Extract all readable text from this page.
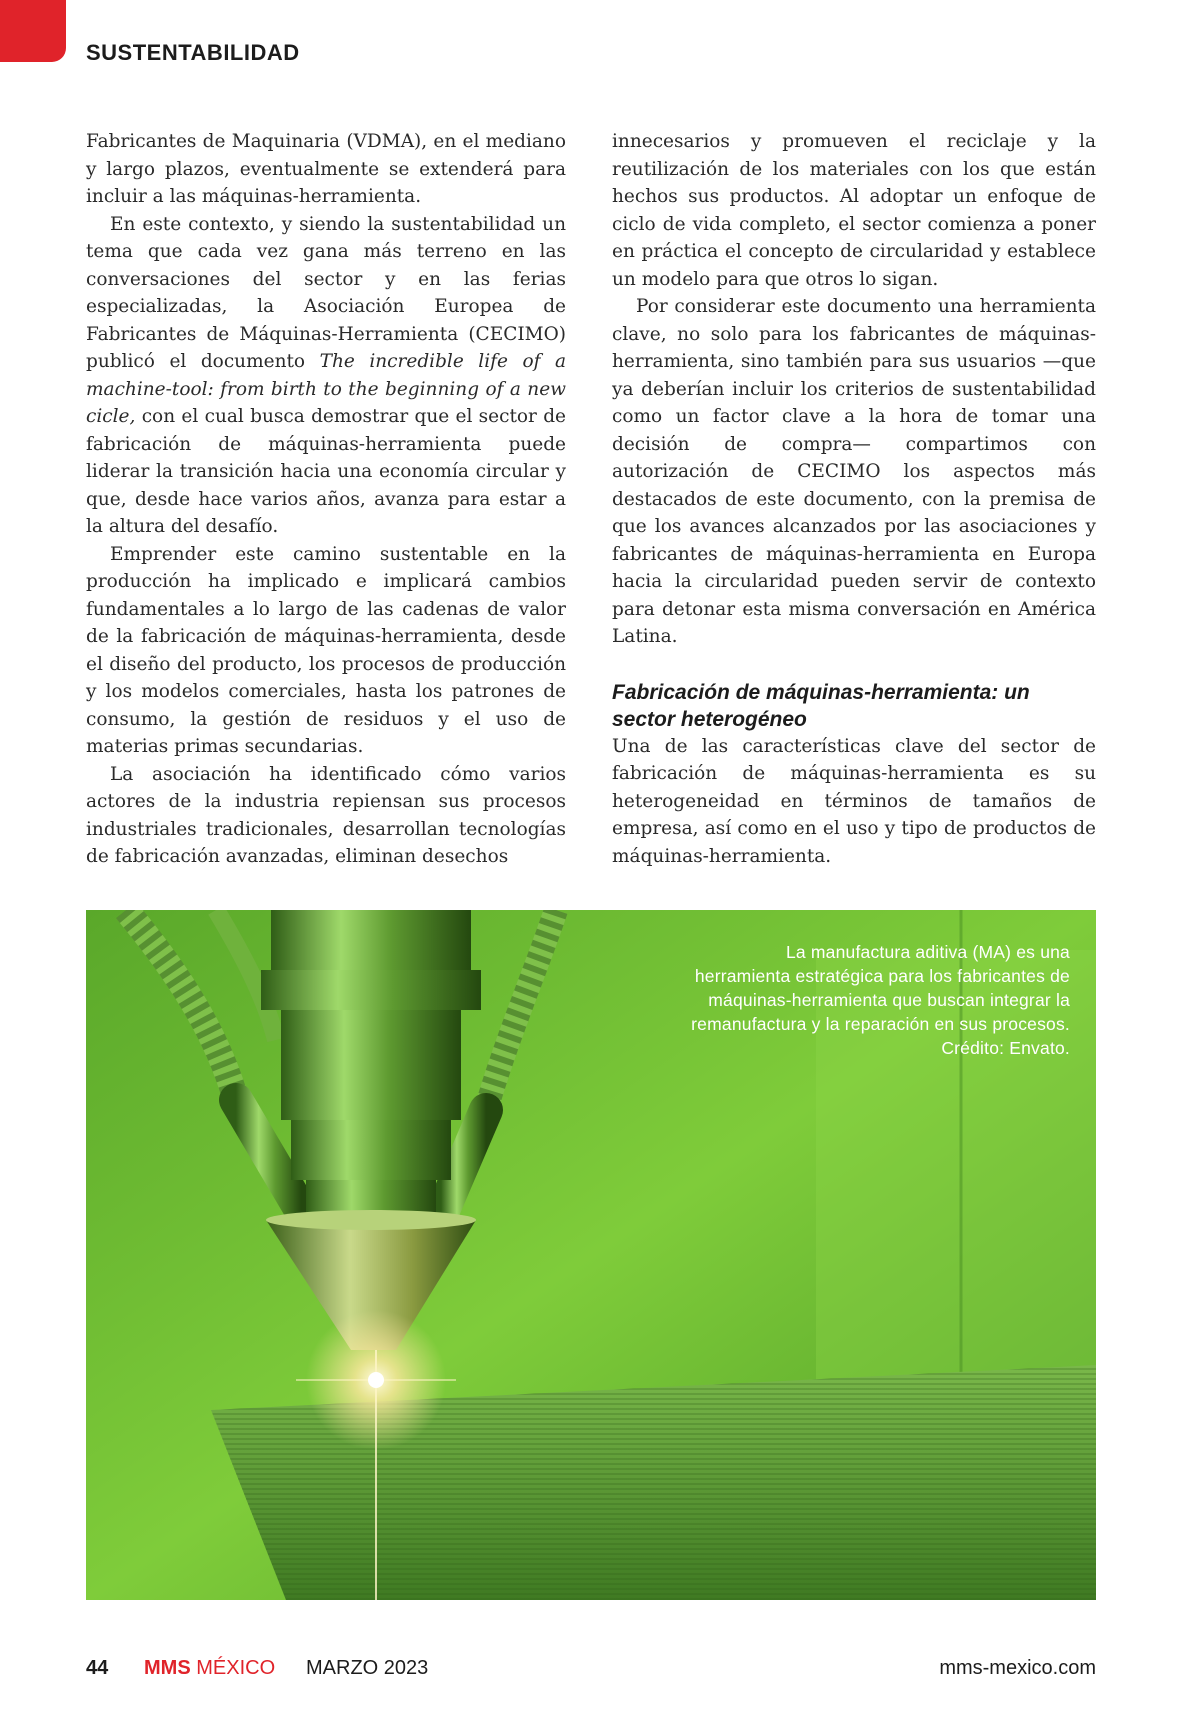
SUSTENTABILIDAD

Fabricantes de Maquinaria (VDMA), en el mediano y largo plazos, eventualmente se extenderá para incluir a las máquinas-herramienta.

En este contexto, y siendo la sustentabilidad un tema que cada vez gana más terreno en las conversaciones del sector y en las ferias especializadas, la Asociación Europea de Fabricantes de Máquinas-Herramienta (CECIMO) publicó el documento The incredible life of a machine-tool: from birth to the beginning of a new cicle, con el cual busca demostrar que el sector de fabricación de máquinas-herramienta puede liderar la transición hacia una economía circular y que, desde hace varios años, avanza para estar a la altura del desafío.

Emprender este camino sustentable en la producción ha implicado e implicará cambios fundamentales a lo largo de las cadenas de valor de la fabricación de máquinas-herramienta, desde el diseño del producto, los procesos de producción y los modelos comerciales, hasta los patrones de consumo, la gestión de residuos y el uso de materias primas secundarias.

La asociación ha identificado cómo varios actores de la industria repiensan sus procesos industriales tradicionales, desarrollan tecnologías de fabricación avanzadas, eliminan desechos

innecesarios y promueven el reciclaje y la reutilización de los materiales con los que están hechos sus productos. Al adoptar un enfoque de ciclo de vida completo, el sector comienza a poner en práctica el concepto de circularidad y establece un modelo para que otros lo sigan.

Por considerar este documento una herramienta clave, no solo para los fabricantes de máquinas-herramienta, sino también para sus usuarios —que ya deberían incluir los criterios de sustentabilidad como un factor clave a la hora de tomar una decisión de compra— compartimos con autorización de CECIMO los aspectos más destacados de este documento, con la premisa de que los avances alcanzados por las asociaciones y fabricantes de máquinas-herramienta en Europa hacia la circularidad pueden servir de contexto para detonar esta misma conversación en América Latina.

Fabricación de máquinas-herramienta: un sector heterogéneo

Una de las características clave del sector de fabricación de máquinas-herramienta es su heterogeneidad en términos de tamaños de empresa, así como en el uso y tipo de productos de máquinas-herramienta.

La manufactura aditiva (MA) es una herramienta estratégica para los fabricantes de máquinas-herramienta que buscan integrar la remanufactura y la reparación en sus procesos.
Crédito: Envato.
44 MMS MÉXICO MARZO 2023	mms-mexico.com
